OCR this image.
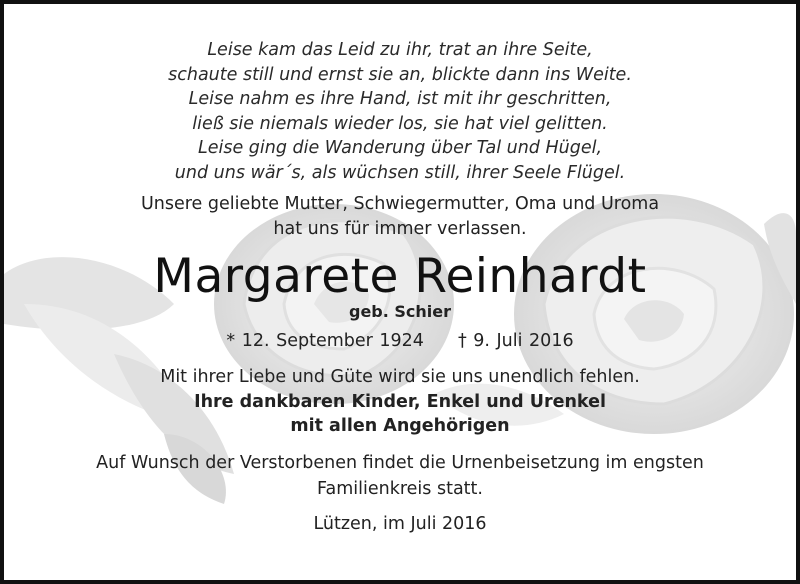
Leise kam das Leid zu ihr, trat an ihre Seite,
schaute still und ernst sie an, blickte dann ins Weite.
Leise nahm es ihre Hand, ist mit ihr geschritten,
ließ sie niemals wieder los, sie hat viel gelitten.
Leise ging die Wanderung über Tal und Hügel,
und uns wär´s, als wüchsen still, ihrer Seele Flügel.
Unsere geliebte Mutter, Schwiegermutter, Oma und Uroma
hat uns für immer verlassen.
Margarete Reinhardt
geb. Schier
* 12. September 1924 † 9. Juli 2016
Mit ihrer Liebe und Güte wird sie uns unendlich fehlen.
Ihre dankbaren Kinder, Enkel und Urenkel
mit allen Angehörigen
Auf Wunsch der Verstorbenen findet die Urnenbeisetzung im engsten
Familienkreis statt.
Lützen, im Juli 2016
